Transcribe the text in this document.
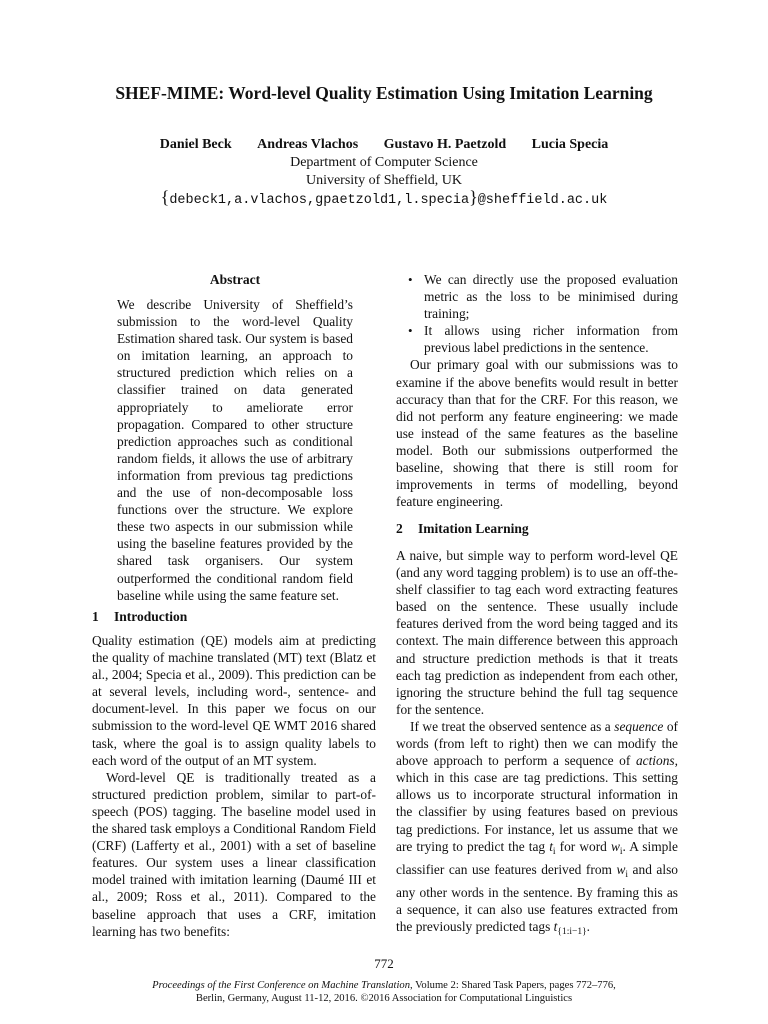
SHEF-MIME: Word-level Quality Estimation Using Imitation Learning
Daniel Beck Andreas Vlachos Gustavo H. Paetzold Lucia Specia
Department of Computer Science
University of Sheffield, UK
{debeck1,a.vlachos,gpaetzold1,l.specia}@sheffield.ac.uk
Abstract

We describe University of Sheffield’s submission to the word-level Quality Estimation shared task. Our system is based on imitation learning, an approach to structured prediction which relies on a classifier trained on data generated appropriately to ameliorate error propagation. Compared to other structure prediction approaches such as conditional random fields, it allows the use of arbitrary information from previous tag predictions and the use of non-decomposable loss functions over the structure. We explore these two aspects in our submission while using the baseline features provided by the shared task organisers. Our system outperformed the conditional random field baseline while using the same feature set.

1 Introduction

Quality estimation (QE) models aim at predicting the quality of machine translated (MT) text (Blatz et al., 2004; Specia et al., 2009). This prediction can be at several levels, including word-, sentence- and document-level. In this paper we focus on our submission to the word-level QE WMT 2016 shared task, where the goal is to assign quality labels to each word of the output of an MT system.

Word-level QE is traditionally treated as a structured prediction problem, similar to part-of-speech (POS) tagging. The baseline model used in the shared task employs a Conditional Random Field (CRF) (Lafferty et al., 2001) with a set of baseline features. Our system uses a linear classification model trained with imitation learning (Daumé III et al., 2009; Ross et al., 2011). Compared to the baseline approach that uses a CRF, imitation learning has two benefits:

• We can directly use the proposed evaluation metric as the loss to be minimised during training;
• It allows using richer information from previous label predictions in the sentence.

Our primary goal with our submissions was to examine if the above benefits would result in better accuracy than that for the CRF. For this reason, we did not perform any feature engineering: we made use instead of the same features as the baseline model. Both our submissions outperformed the baseline, showing that there is still room for improvements in terms of modelling, beyond feature engineering.

2 Imitation Learning

A naive, but simple way to perform word-level QE (and any word tagging problem) is to use an off-the-shelf classifier to tag each word extracting features based on the sentence. These usually include features derived from the word being tagged and its context. The main difference between this approach and structure prediction methods is that it treats each tag prediction as independent from each other, ignoring the structure behind the full tag sequence for the sentence.

If we treat the observed sentence as a sequence of words (from left to right) then we can modify the above approach to perform a sequence of actions, which in this case are tag predictions. This setting allows us to incorporate structural information in the classifier by using features based on previous tag predictions. For instance, let us assume that we are trying to predict the tag $t_i$ for word $w_i$. A simple classifier can use features derived from $w_i$ and also any other words in the sentence. By framing this as a sequence, it can also use features extracted from the previously predicted tags $t_{\{1:i-1\}}$.

772
Proceedings of the First Conference on Machine Translation, Volume 2: Shared Task Papers, pages 772–776,
Berlin, Germany, August 11-12, 2016. ©2016 Association for Computational Linguistics
